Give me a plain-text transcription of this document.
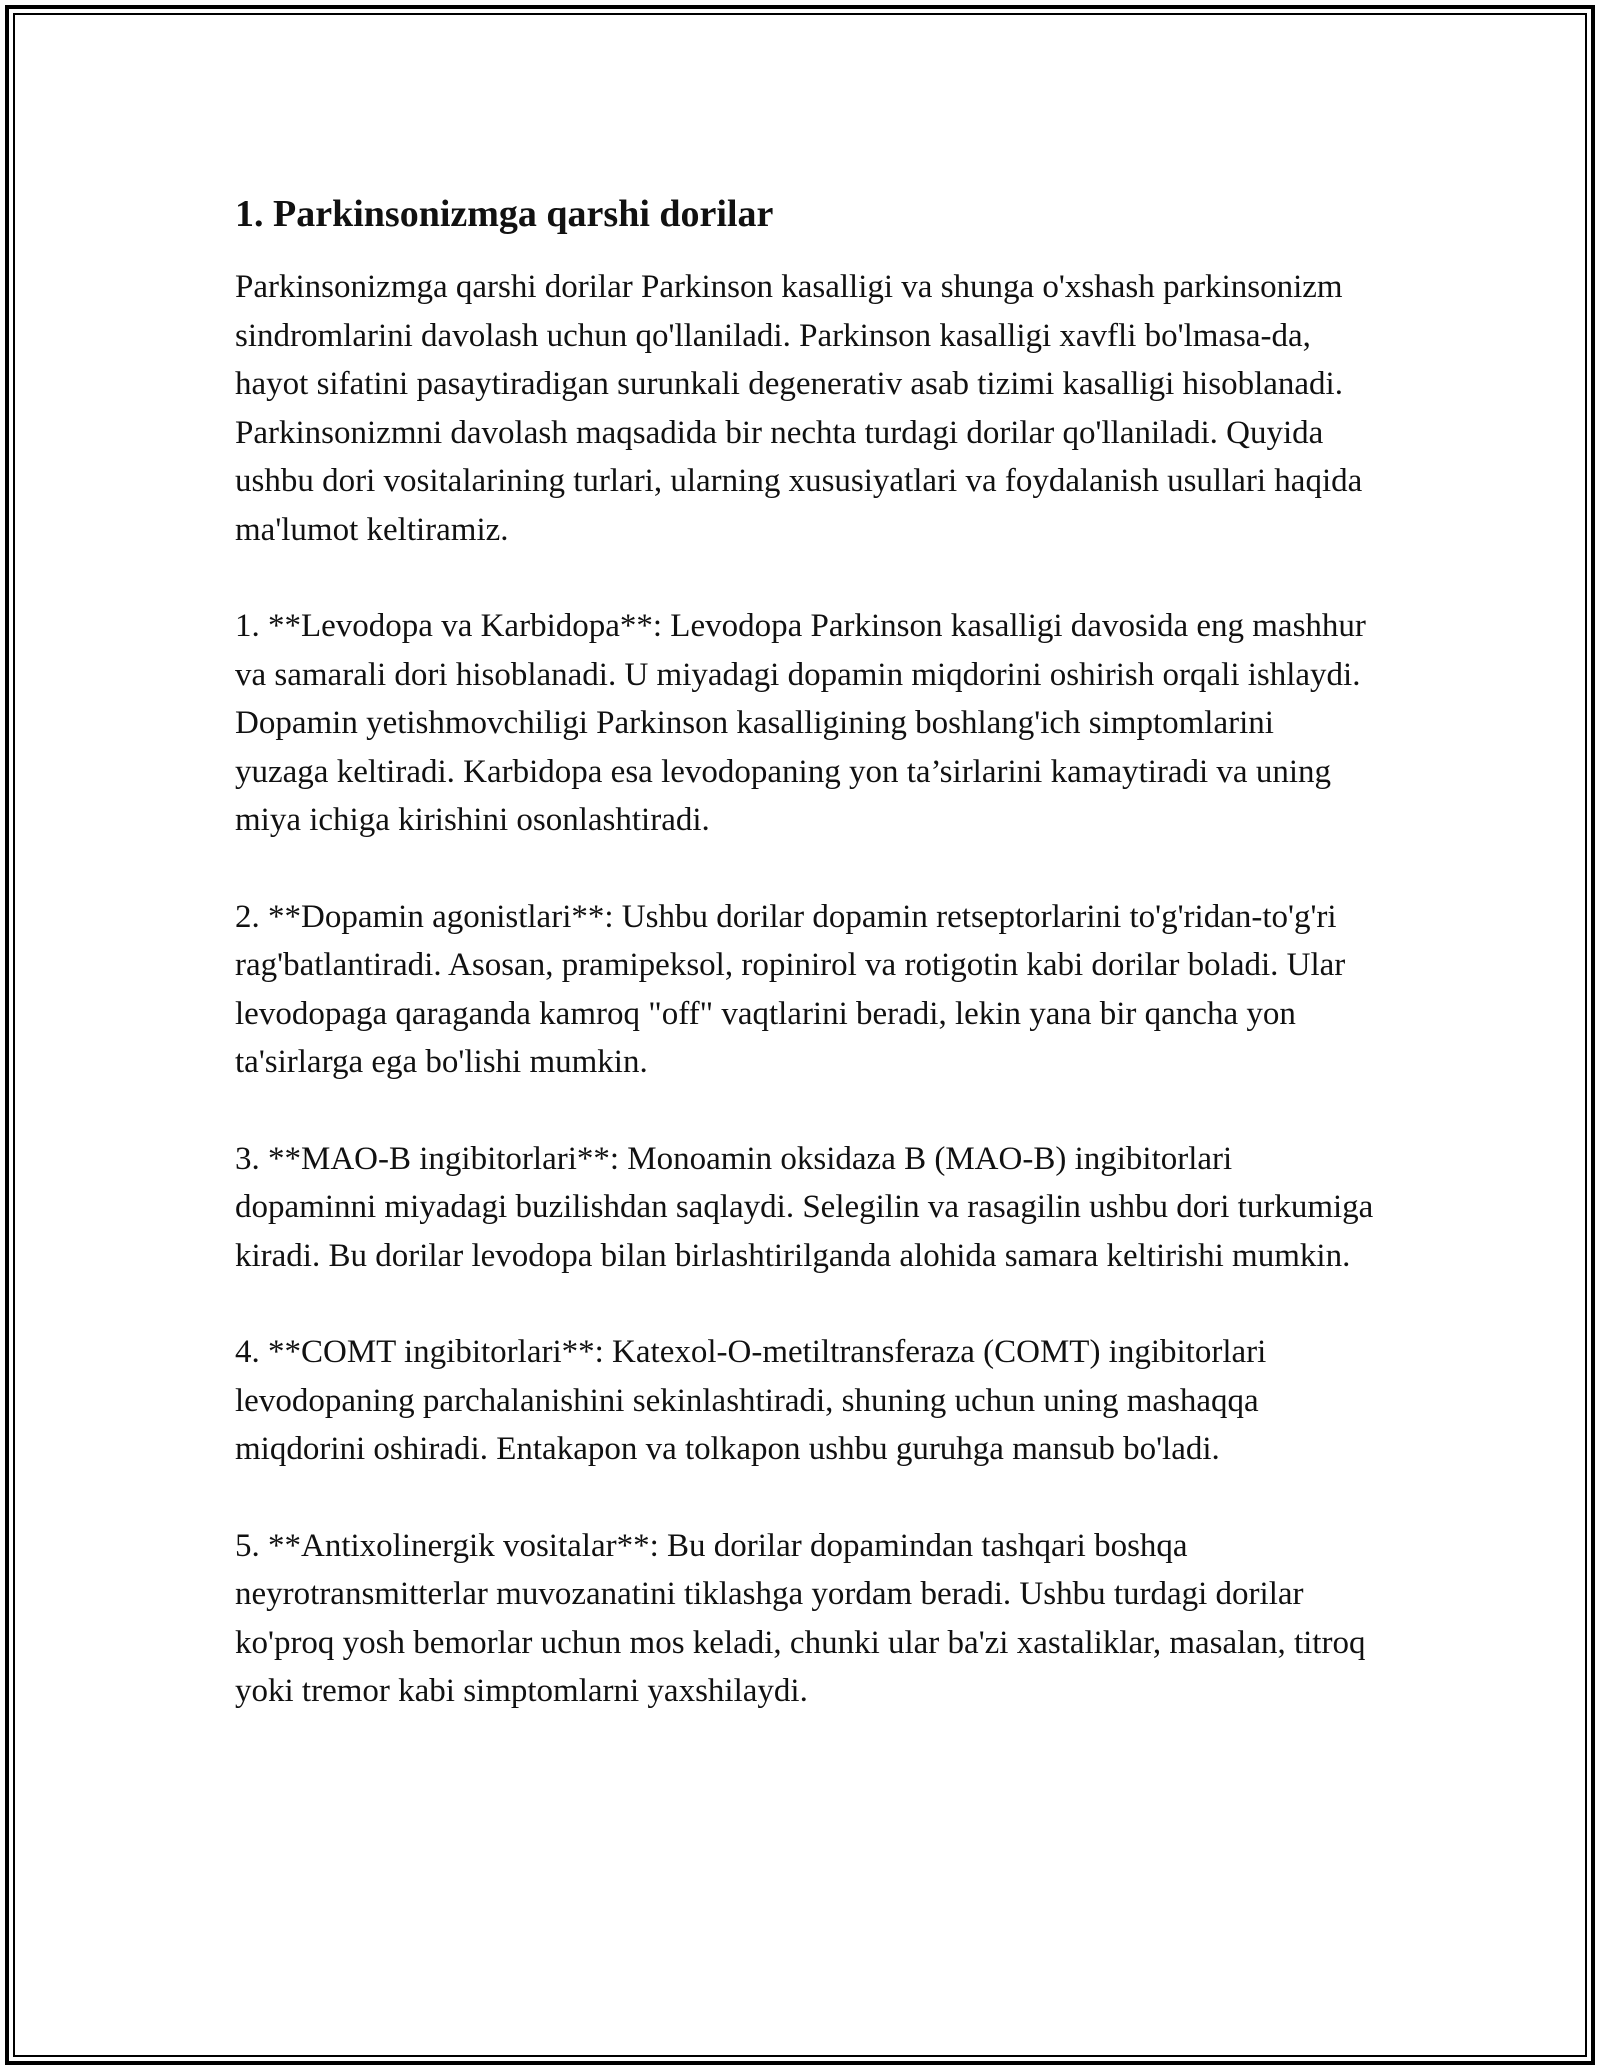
1. Parkinsonizmga qarshi dorilar

Parkinsonizmga qarshi dorilar Parkinson kasalligi va shunga o'xshash parkinsonizm sindromlarini davolash uchun qo'llaniladi. Parkinson kasalligi xavfli bo'lmasa-da, hayot sifatini pasaytiradigan surunkali degenerativ asab tizimi kasalligi hisoblanadi. Parkinsonizmni davolash maqsadida bir nechta turdagi dorilar qo'llaniladi. Quyida ushbu dori vositalarining turlari, ularning xususiyatlari va foydalanish usullari haqida ma'lumot keltiramiz.

1. **Levodopa va Karbidopa**: Levodopa Parkinson kasalligi davosida eng mashhur va samarali dori hisoblanadi. U miyadagi dopamin miqdorini oshirish orqali ishlaydi. Dopamin yetishmovchiligi Parkinson kasalligining boshlang'ich simptomlarini yuzaga keltiradi. Karbidopa esa levodopaning yon ta’sirlarini kamaytiradi va uning miya ichiga kirishini osonlashtiradi.

2. **Dopamin agonistlari**: Ushbu dorilar dopamin retseptorlarini to'g'ridan-to'g'ri rag'batlantiradi. Asosan, pramipeksol, ropinirol va rotigotin kabi dorilar boladi. Ular levodopaga qaraganda kamroq "off" vaqtlarini beradi, lekin yana bir qancha yon ta'sirlarga ega bo'lishi mumkin.

3. **MAO-B ingibitorlari**: Monoamin oksidaza B (MAO-B) ingibitorlari dopaminni miyadagi buzilishdan saqlaydi. Selegilin va rasagilin ushbu dori turkumiga kiradi. Bu dorilar levodopa bilan birlashtirilganda alohida samara keltirishi mumkin.

4. **COMT ingibitorlari**: Katexol-O-metiltransferaza (COMT) ingibitorlari levodopaning parchalanishini sekinlashtiradi, shuning uchun uning mashaqqa miqdorini oshiradi. Entakapon va tolkapon ushbu guruhga mansub bo'ladi.

5. **Antixolinergik vositalar**: Bu dorilar dopamindan tashqari boshqa neyrotransmitterlar muvozanatini tiklashga yordam beradi. Ushbu turdagi dorilar ko'proq yosh bemorlar uchun mos keladi, chunki ular ba'zi xastaliklar, masalan, titroq yoki tremor kabi simptomlarni yaxshilaydi.
